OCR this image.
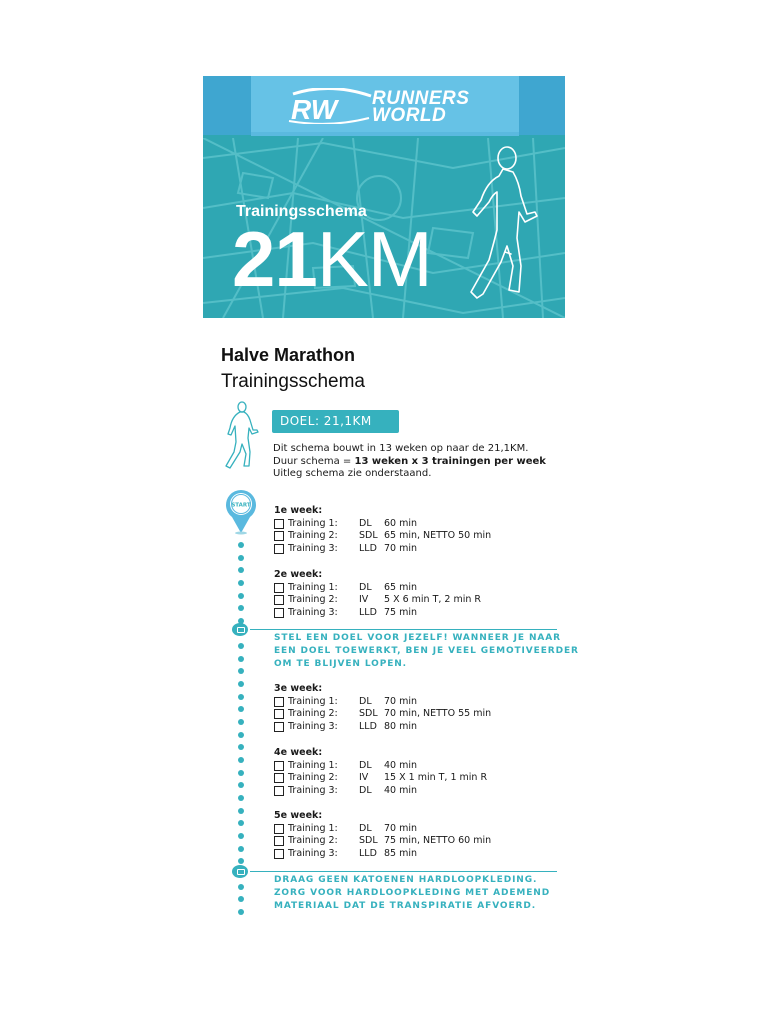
RW RUNNERS
WORLD
Trainingsschema
21KM
Halve Marathon
Trainingsschema
DOEL: 21,1KM
Dit schema bouwt in 13 weken op naar de 21,1KM.
Duur schema = 13 weken x 3 trainingen per week
Uitleg schema zie onderstaand.
START 1e week:
Training 1: DL 60 min
Training 2: SDL 65 min, NETTO 50 min
Training 3: LLD 70 min
2e week:
Training 1: DL 65 min
Training 2: IV 5 X 6 min T, 2 min R
Training 3: LLD 75 min
STEL EEN DOEL VOOR JEZELF! WANNEER JE NAAR
EEN DOEL TOEWERKT, BEN JE VEEL GEMOTIVEERDER
OM TE BLIJVEN LOPEN.
3e week:
Training 1: DL 70 min
Training 2: SDL 70 min, NETTO 55 min
Training 3: LLD 80 min
4e week:
Training 1: DL 40 min
Training 2: IV 15 X 1 min T, 1 min R
Training 3: DL 40 min
5e week:
Training 1: DL 70 min
Training 2: SDL 75 min, NETTO 60 min
Training 3: LLD 85 min
DRAAG GEEN KATOENEN HARDLOOPKLEDING.
ZORG VOOR HARDLOOPKLEDING MET ADEMEND
MATERIAAL DAT DE TRANSPIRATIE AFVOERD.
